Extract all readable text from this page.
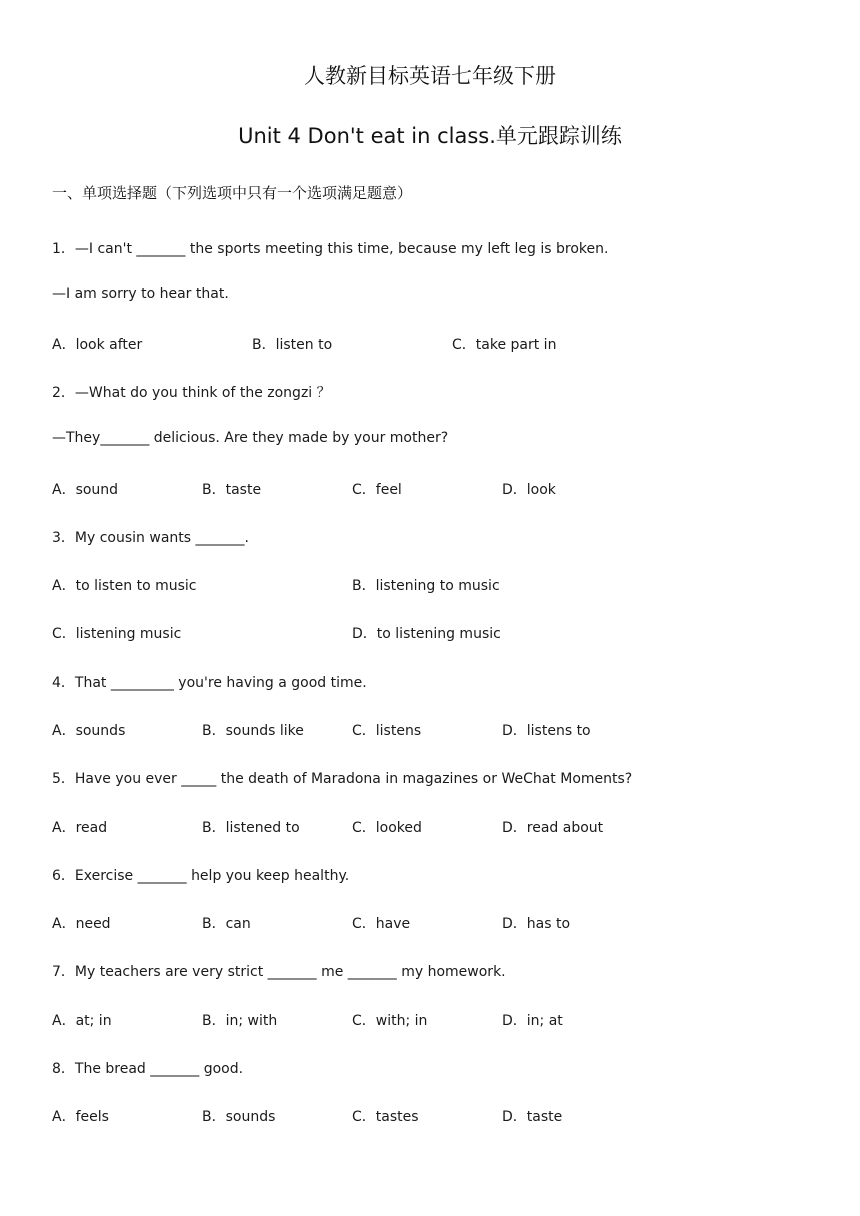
人教新目标英语七年级下册
Unit 4 Don't eat in class.单元跟踪训练
一、单项选择题（下列选项中只有一个选项满足题意）
1．—I can't _______ the sports meeting this time, because my left leg is broken.
—I am sorry to hear that.
A．look after	B．listen to	C．take part in
2．—What do you think of the zongzi ？
—They_______ delicious. Are they made by your mother?
A．sound	B．taste	C．feel	D．look
3．My cousin wants _______.
A．to listen to music	B．listening to music
C．listening music	D．to listening music
4．That _________ you're having a good time.
A．sounds	B．sounds like	C．listens	D．listens to
5．Have you ever _____ the death of Maradona in magazines or WeChat Moments?
A．read	B．listened to	C．looked	D．read about
6．Exercise _______ help you keep healthy.
A．need	B．can	C．have	D．has to
7．My teachers are very strict _______ me _______ my homework.
A．at; in	B．in; with	C．with; in	D．in; at
8．The bread _______ good.
A．feels	B．sounds	C．tastes	D．taste
